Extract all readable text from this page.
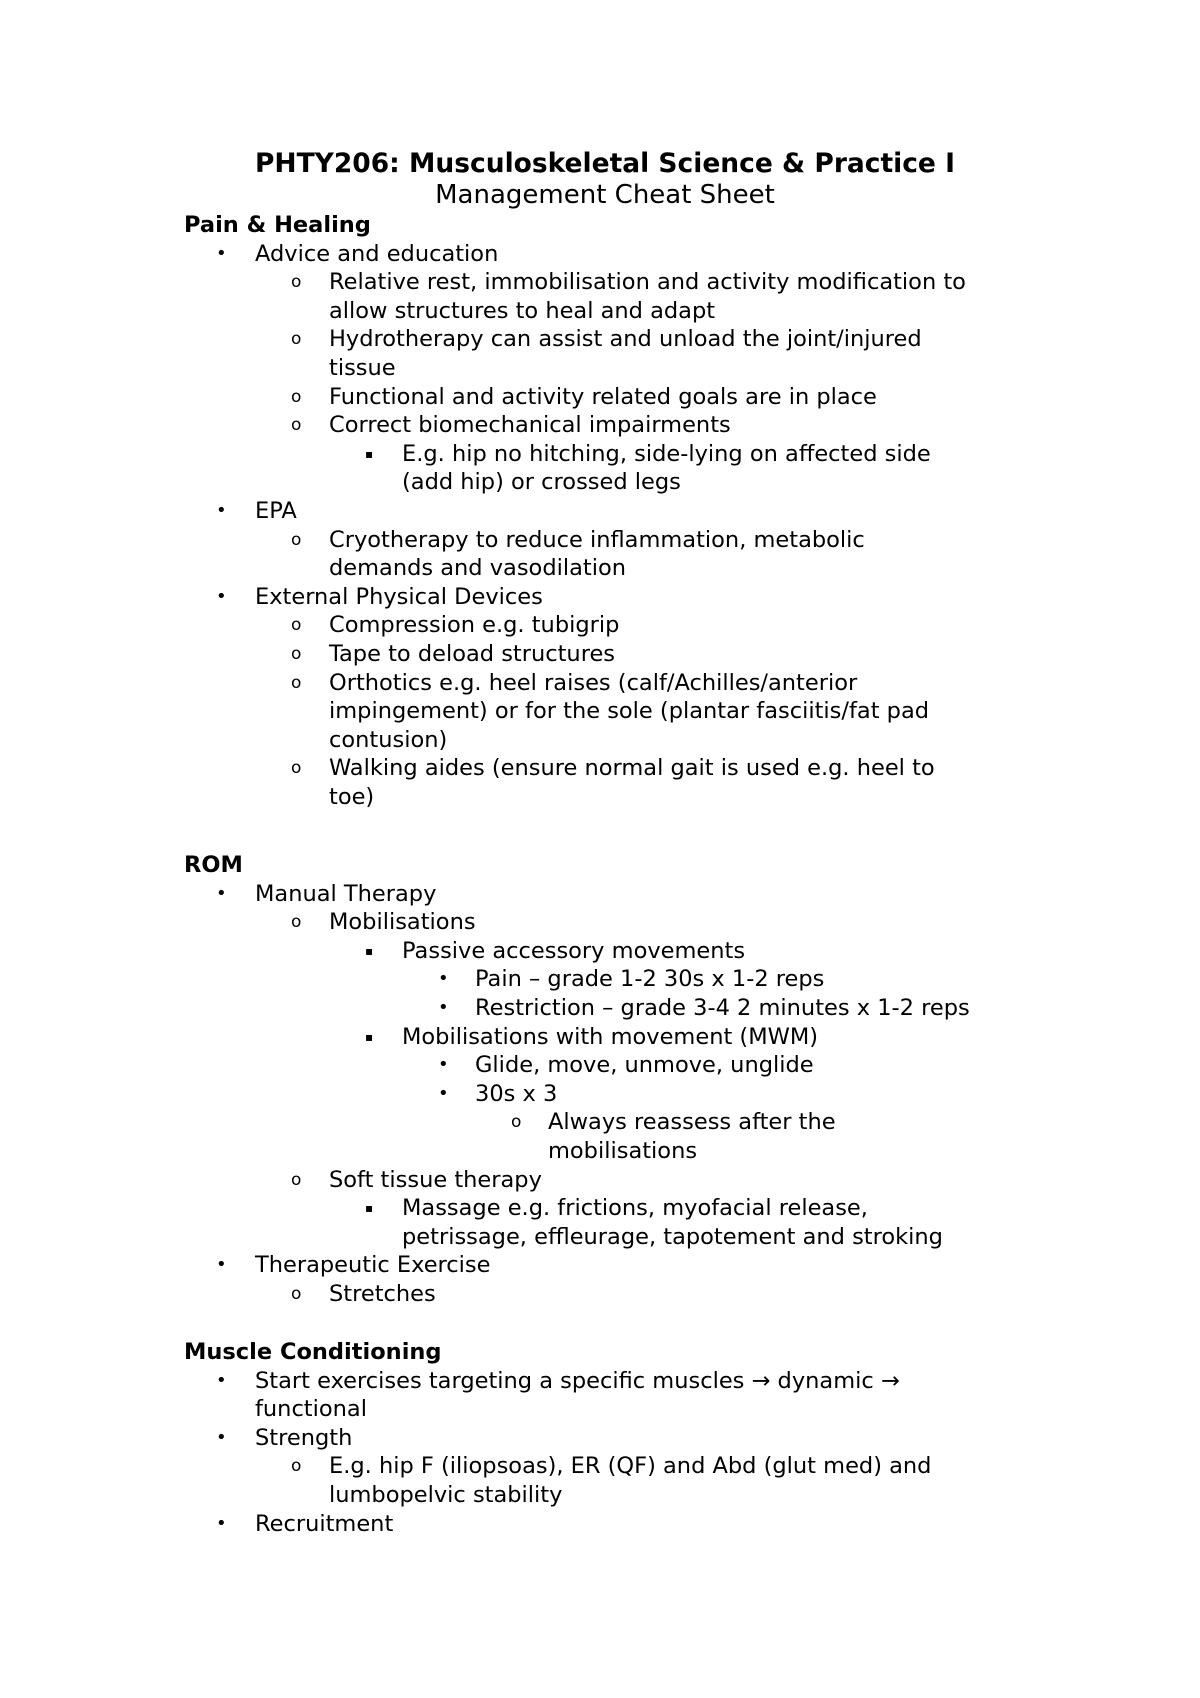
PHTY206: Musculoskeletal Science & Practice I
Management Cheat Sheet
Pain & Healing
• Advice and education
o Relative rest, immobilisation and activity modification to
allow structures to heal and adapt
o Hydrotherapy can assist and unload the joint/injured
tissue
o Functional and activity related goals are in place
o Correct biomechanical impairments
▪ E.g. hip no hitching, side-lying on affected side
(add hip) or crossed legs
• EPA
o Cryotherapy to reduce inflammation, metabolic
demands and vasodilation
• External Physical Devices
o Compression e.g. tubigrip
o Tape to deload structures
o Orthotics e.g. heel raises (calf/Achilles/anterior
impingement) or for the sole (plantar fasciitis/fat pad
contusion)
o Walking aides (ensure normal gait is used e.g. heel to
toe)
ROM
• Manual Therapy
o Mobilisations
▪ Passive accessory movements
• Pain – grade 1-2 30s x 1-2 reps
• Restriction – grade 3-4 2 minutes x 1-2 reps
▪ Mobilisations with movement (MWM)
• Glide, move, unmove, unglide
• 30s x 3
o Always reassess after the
mobilisations
o Soft tissue therapy
▪ Massage e.g. frictions, myofacial release,
petrissage, effleurage, tapotement and stroking
• Therapeutic Exercise
o Stretches
Muscle Conditioning
• Start exercises targeting a specific muscles → dynamic →
functional
• Strength
o E.g. hip F (iliopsoas), ER (QF) and Abd (glut med) and
lumbopelvic stability
• Recruitment
